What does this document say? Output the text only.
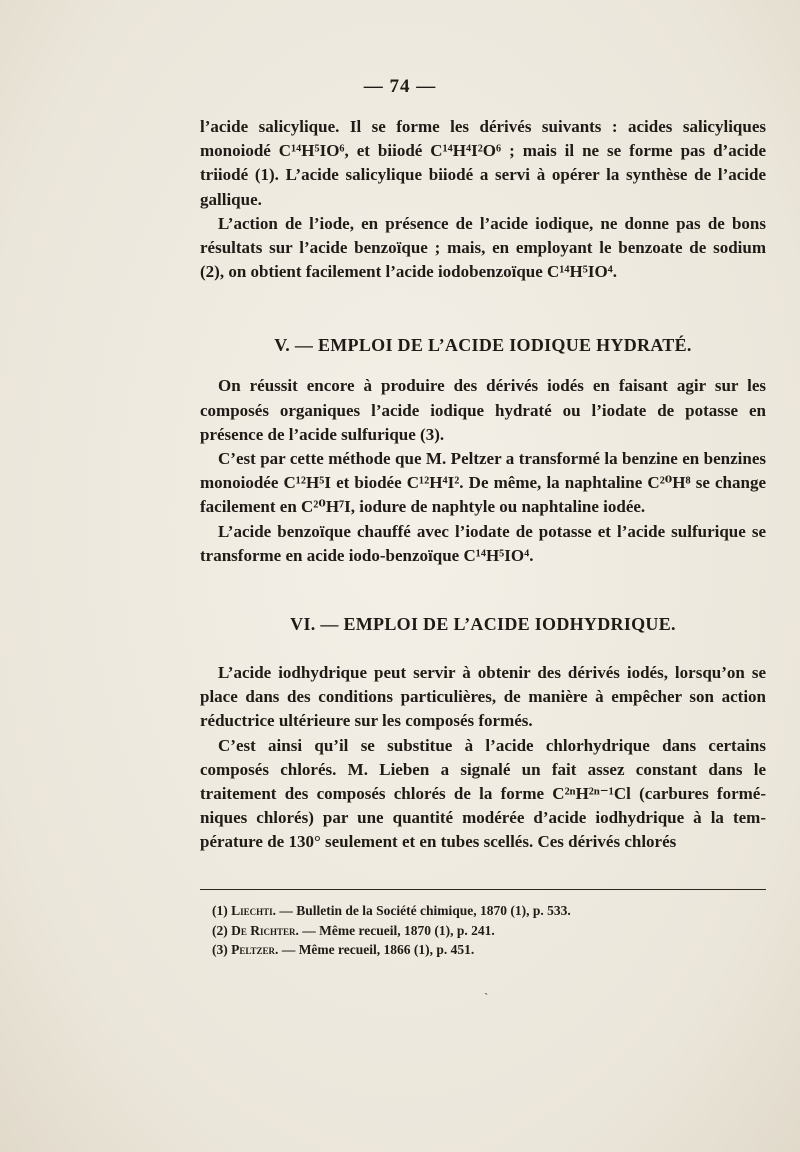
— 74 —

l’acide salicylique. Il se forme les dérivés suivants : acides salicyliques monoiodé C¹⁴H⁵IO⁶, et biiodé C¹⁴H⁴I²O⁶ ; mais il ne se forme pas d’acide triiodé (1). L’acide salicylique biiodé a servi à opérer la synthèse de l’acide gallique.

L’action de l’iode, en présence de l’acide iodique, ne donne pas de bons résultats sur l’acide benzoïque ; mais, en employant le benzoate de sodium (2), on obtient facilement l’acide iodobenzoïque C¹⁴H⁵IO⁴.

V. — EMPLOI DE L’ACIDE IODIQUE HYDRATÉ.

On réussit encore à produire des dérivés iodés en faisant agir sur les composés organiques l’acide iodique hydraté ou l’iodate de potasse en présence de l’acide sulfurique (3).

C’est par cette méthode que M. Peltzer a transformé la benzine en benzines monoiodée C¹²H⁵I et biodée C¹²H⁴I². De même, la naphtaline C²⁰H⁸ se change facilement en C²⁰H⁷I, iodure de naphtyle ou naphtaline iodée.

L’acide benzoïque chauffé avec l’iodate de potasse et l’acide sulfurique se transforme en acide iodo-benzoïque C¹⁴H⁵IO⁴.

VI. — EMPLOI DE L’ACIDE IODHYDRIQUE.

L’acide iodhydrique peut servir à obtenir des dérivés iodés, lorsqu’on se place dans des conditions particulières, de manière à empêcher son action réductrice ultérieure sur les composés formés.

C’est ainsi qu’il se substitue à l’acide chlorhydrique dans certains composés chlorés. M. Lieben a signalé un fait assez constant dans le traitement des composés chlorés de la forme C²ⁿH²ⁿ⁻¹Cl (carbures formé-niques chlorés) par une quantité modérée d’acide iodhydrique à la tem-pérature de 130° seulement et en tubes scellés. Ces dérivés chlorés

(1) Liechti. — Bulletin de la Société chimique, 1870 (1), p. 533.
(2) De Richter. — Même recueil, 1870 (1), p. 241.
(3) Peltzer. — Même recueil, 1866 (1), p. 451.
`
